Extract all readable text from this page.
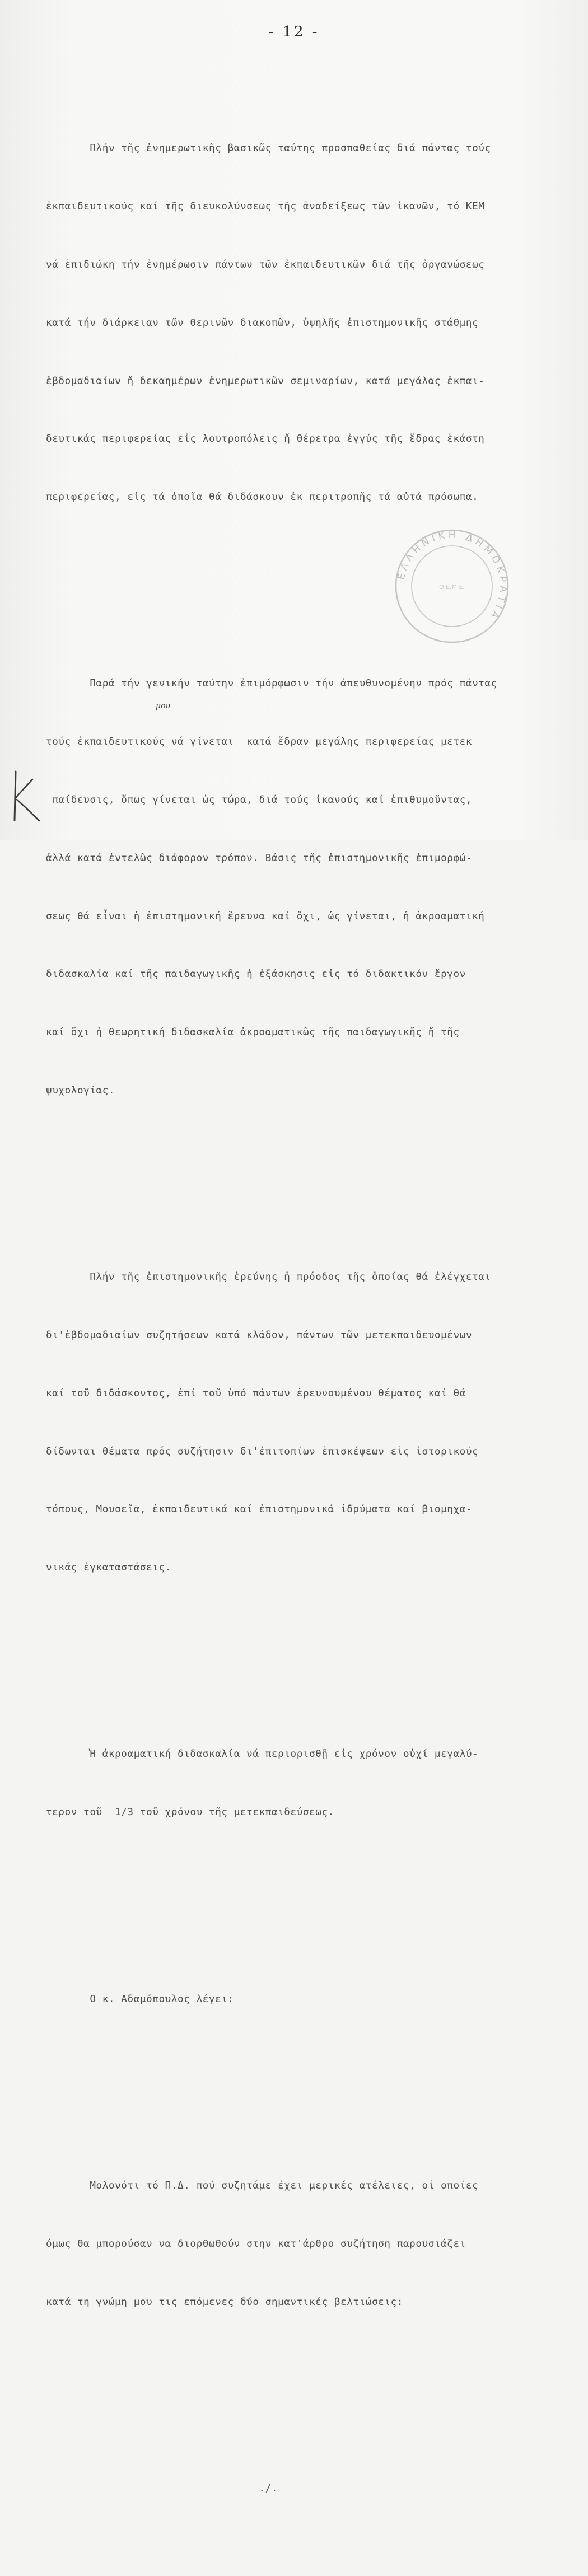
- 12 -

Πλήν τῆς ἐνημερωτικῆς βασικῶς ταύτης προσπαθείας διά πάντας τούς

ἐκπαιδευτικούς καί τῆς διευκολύνσεως τῆς ἀναδείξεως τῶν ἱκανῶν, τό ΚΕΜ

νά ἐπιδιώκη τήν ἐνημέρωσιν πάντων τῶν ἐκπαιδευτικῶν διά τῆς ὀργανώσεως

κατά τήν διάρκειαν τῶν θερινῶν διακοπῶν, ὑψηλῆς ἐπιστημονικῆς στάθμης

ἑβδομαδιαίων ἤ δεκαημέρων ἐνημερωτικῶν σεμιναρίων, κατά μεγάλας ἐκπαι-

δευτικάς περιφερείας εἰς λουτροπόλεις ἤ θέρετρα ἐγγύς τῆς ἕδρας ἑκάστη

περιφερείας, εἰς τά ὁποῖα θά διδάσκουν ἐκ περιτροπῆς τά αὐτά πρόσωπα.

Παρά τήν γενικήν ταύτην ἐπιμόρφωσιν τήν ἀπευθυνομένην πρός πάντας

τούς ἐκπαιδευτικούς νά γίνεται  κατά ἕδραν μεγάλης περιφερείας μετεκ

παίδευσις, ὅπως γίνεται ὡς τώρα, διά τούς ἱκανούς καί ἐπιθυμοῦντας,

ἀλλά κατά ἐντελῶς διάφορον τρόπον. Βάσις τῆς ἐπιστημονικῆς ἐπιμορφώ-

σεως θά εἶναι ἡ ἐπιστημονική ἔρευνα καί ὄχι, ὡς γίνεται, ἡ ἀκροαματική

διδασκαλία καί τῆς παιδαγωγικῆς ἡ ἐξάσκησις εἰς τό διδακτικόν ἔργον

καί ὄχι ἡ θεωρητική διδασκαλία ἀκροαματικῶς τῆς παιδαγωγικῆς ἤ τῆς

ψυχολογίας.

Πλήν τῆς ἐπιστημονικῆς ἐρεύνης ἡ πρόοδος τῆς ὁποίας θά ἐλέγχεται

δι'ἑβδομαδιαίων συζητήσεων κατά κλάδον, πάντων τῶν μετεκπαιδευομένων

καί τοῦ διδάσκοντος, ἐπί τοῦ ὑπό πάντων ἐρευνουμένου θέματος καί θά

δίδωνται θέματα πρός συζήτησιν δι'ἐπιτοπίων ἐπισκέψεων εἰς ἱστορικούς

τόπους, Μουσεῖα, ἐκπαιδευτικά καί ἐπιστημονικά ἱδρύματα καί βιομηχα-

νικάς ἐγκαταστάσεις.

Ἡ ἀκροαματική διδασκαλία νά περιορισθῇ εἰς χρόνον οὐχί μεγαλύ-

τερον τοῦ  1/3 τοῦ χρόνου τῆς μετεκπαιδεύσεως.

Ο κ. Αδαμόπουλος λέγει:

Μολονότι τό Π.Δ. πού συζητάμε έχει μερικές ατέλειες, οἱ οποίες

όμως θα μπορούσαν να διορθωθούν στην κατ'άρθρο συζήτηση παρουσιάζει

κατά τη γνώμη μου τις επόμενες δύο σημαντικές βελτιώσεις:

./.

ΕΛΛΗΝΙΚΗ ΔΗΜΟΚΡΑΤΙΑ
Ο.Ε.Μ.Ε.
μου
